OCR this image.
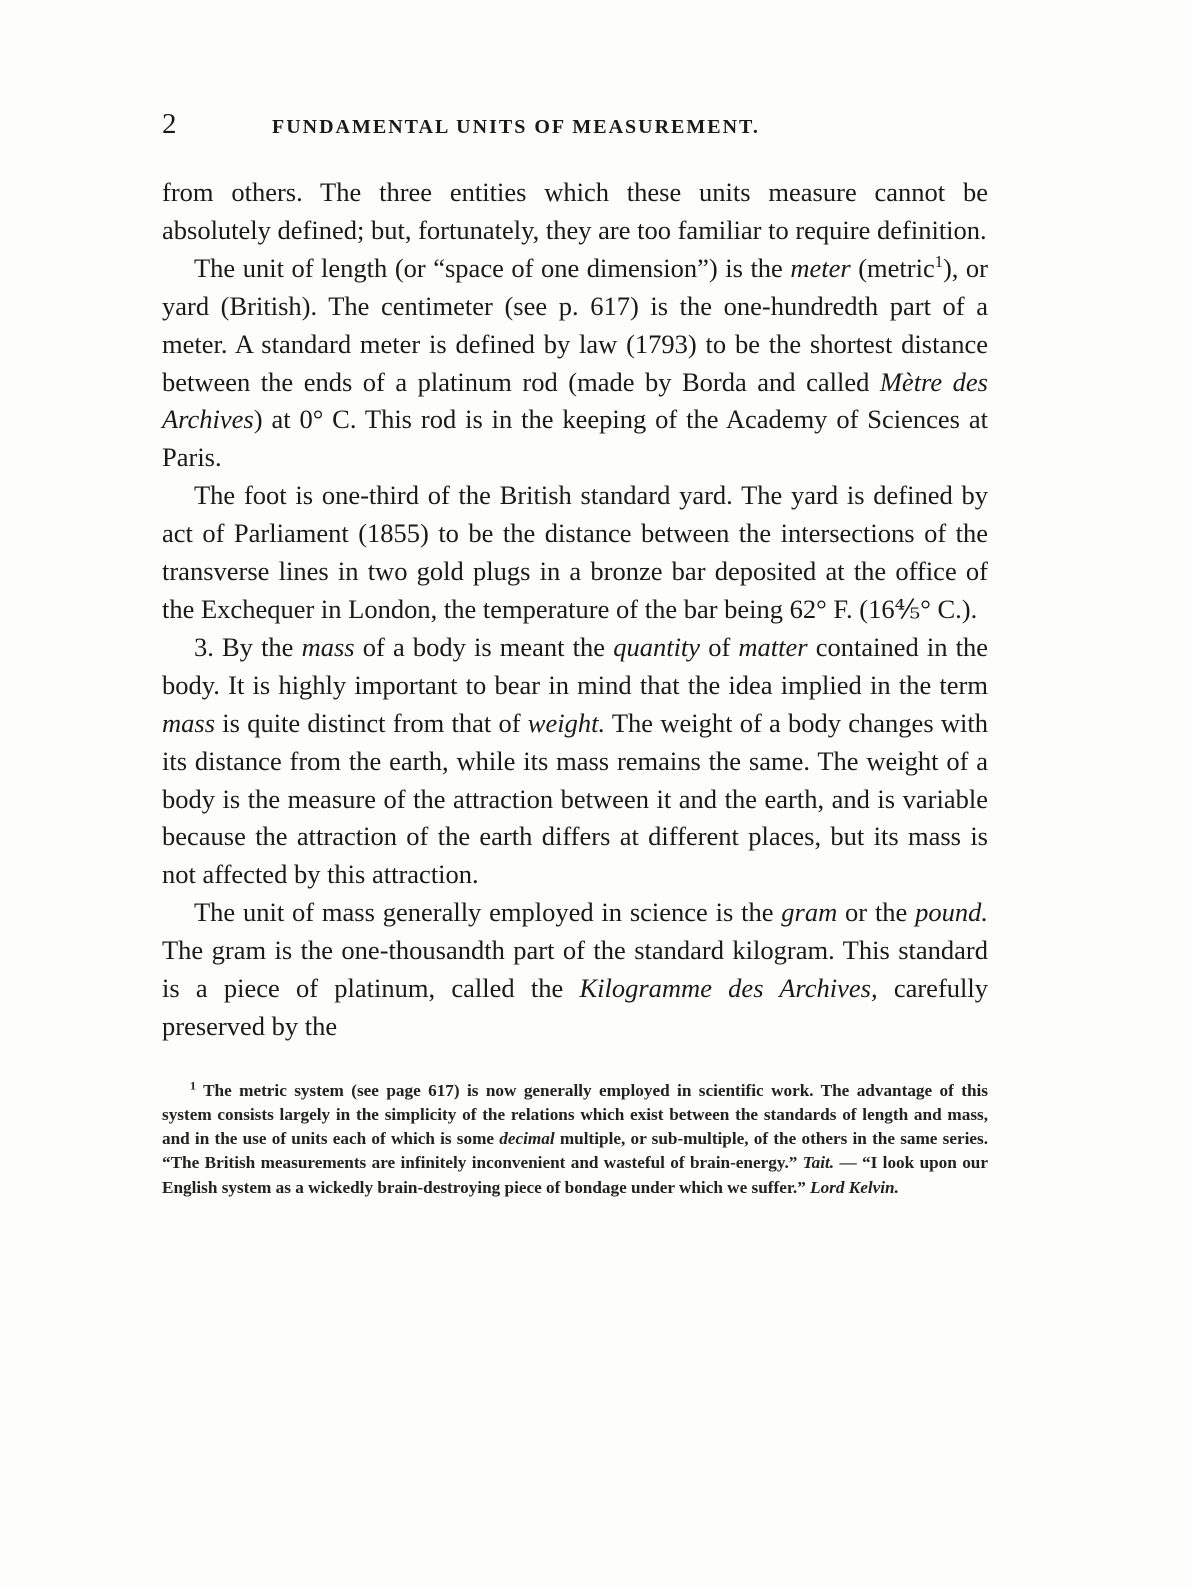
2	FUNDAMENTAL UNITS OF MEASUREMENT.

from others. The three entities which these units measure cannot be absolutely defined; but, fortunately, they are too familiar to require definition.

The unit of length (or “space of one dimension”) is the meter (metric$^1$), or yard (British). The centimeter (see p. 617) is the one-hundredth part of a meter. A standard meter is defined by law (1793) to be the shortest distance between the ends of a platinum rod (made by Borda and called Mètre des Archives) at 0° C. This rod is in the keeping of the Academy of Sciences at Paris.

The foot is one-third of the British standard yard. The yard is defined by act of Parliament (1855) to be the distance between the intersections of the transverse lines in two gold plugs in a bronze bar deposited at the office of the Exchequer in London, the temperature of the bar being 62° F. (16⅘° C.).

3. By the mass of a body is meant the quantity of matter contained in the body. It is highly important to bear in mind that the idea implied in the term mass is quite distinct from that of weight. The weight of a body changes with its distance from the earth, while its mass remains the same. The weight of a body is the measure of the attraction between it and the earth, and is variable because the attraction of the earth differs at different places, but its mass is not affected by this attraction.

The unit of mass generally employed in science is the gram or the pound. The gram is the one-thousandth part of the standard kilogram. This standard is a piece of platinum, called the Kilogramme des Archives, carefully preserved by the

$^1$ The metric system (see page 617) is now generally employed in scientific work. The advantage of this system consists largely in the simplicity of the relations which exist between the standards of length and mass, and in the use of units each of which is some decimal multiple, or sub-multiple, of the others in the same series. “The British measurements are infinitely inconvenient and wasteful of brain-energy.” Tait. — “I look upon our English system as a wickedly brain-destroying piece of bondage under which we suffer.” Lord Kelvin.
